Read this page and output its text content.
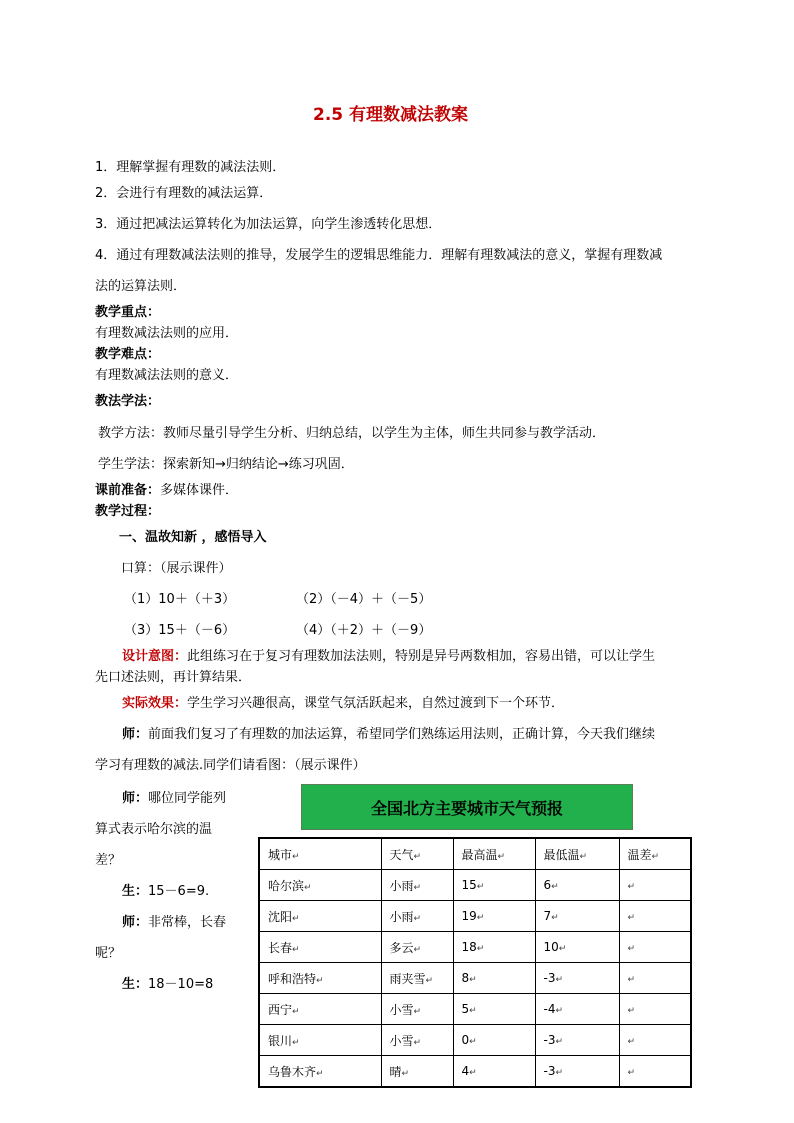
2.5 有理数减法教案
1．理解掌握有理数的减法法则．
2．会进行有理数的减法运算．
3．通过把减法运算转化为加法运算，向学生渗透转化思想．
4．通过有理数减法法则的推导，发展学生的逻辑思维能力．理解有理数减法的意义，掌握有理数减
法的运算法则．
教学重点：
有理数减法法则的应用．
教学难点：
有理数减法法则的意义．
教法学法：
教学方法：教师尽量引导学生分析、归纳总结，以学生为主体，师生共同参与教学活动．
学生学法：探索新知→归纳结论→练习巩固．
课前准备：多媒体课件．
教学过程：
一、温故知新 ，感悟导入
口算：（展示课件）
（1）10＋（＋3）	（2）（－4）＋（－5）
（3）15＋（－6）	（4）（＋2）＋（－9）
设计意图：此组练习在于复习有理数加法法则，特别是异号两数相加，容易出错，可以让学生
先口述法则，再计算结果．
实际效果：学生学习兴趣很高，课堂气氛活跃起来，自然过渡到下一个环节．
师：前面我们复习了有理数的加法运算，希望同学们熟练运用法则，正确计算，今天我们继续
学习有理数的减法.同学们请看图：（展示课件）
师：哪位同学能列
算式表示哈尔滨的温
差？
生：15－6=9.
师：非常棒，长春
呢？
生：18－10=8
全国北方主要城市天气预报
城市↵	天气↵	最高温↵	最低温↵	温差↵
哈尔滨↵	小雨↵	15↵	6↵	↵
沈阳↵	小雨↵	19↵	7↵	↵
长春↵	多云↵	18↵	10↵	↵
呼和浩特↵	雨夹雪↵	8↵	-3↵	↵
西宁↵	小雪↵	5↵	-4↵	↵
银川↵	小雪↵	0↵	-3↵	↵
乌鲁木齐↵	晴↵	4↵	-3↵	↵
